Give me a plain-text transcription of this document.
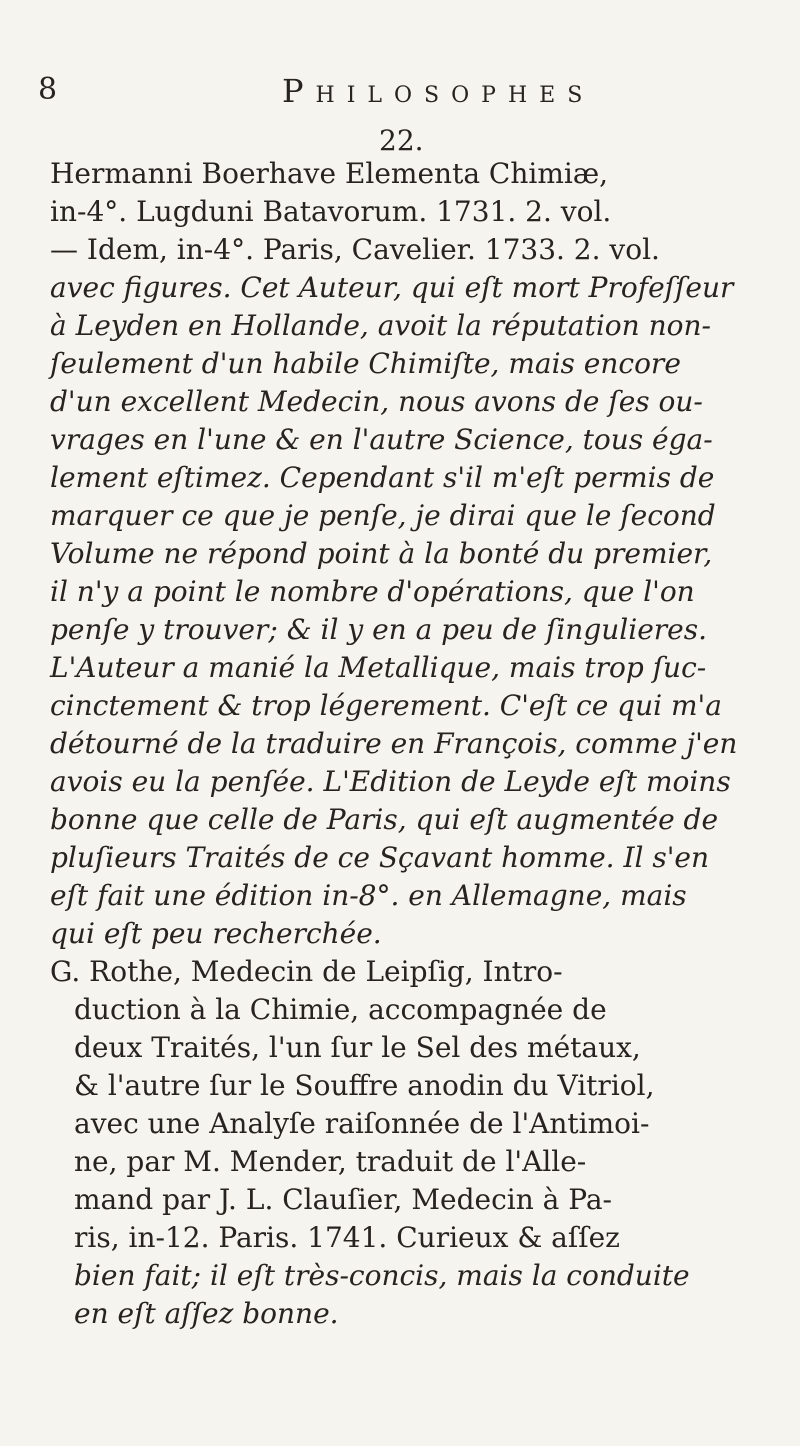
8	Philosophes
22.

Hermanni Boerhave Elementa Chimiæ,
in-4°. Lugduni Batavorum. 1731. 2. vol.
— Idem, in-4°. Paris, Cavelier. 1733. 2. vol.
avec figures. Cet Auteur, qui eſt mort Profeſſeur
à Leyden en Hollande, avoit la réputation non-
ſeulement d'un habile Chimiſte, mais encore
d'un excellent Medecin, nous avons de ſes ou-
vrages en l'une & en l'autre Science, tous éga-
lement eſtimez. Cependant s'il m'eſt permis de
marquer ce que je penſe, je dirai que le ſecond
Volume ne répond point à la bonté du premier,
il n'y a point le nombre d'opérations, que l'on
penſe y trouver; & il y en a peu de ſingulieres.
L'Auteur a manié la Metallique, mais trop ſuc-
cinctement & trop légerement. C'eſt ce qui m'a
détourné de la traduire en François, comme j'en
avois eu la penſée. L'Edition de Leyde eſt moins
bonne que celle de Paris, qui eſt augmentée de
pluſieurs Traités de ce Sçavant homme. Il s'en
eſt fait une édition in-8°. en Allemagne, mais
qui eſt peu recherchée.

G. Rothe, Medecin de Leipſig, Intro-
duction à la Chimie, accompagnée de
deux Traités, l'un ſur le Sel des métaux,
& l'autre ſur le Souffre anodin du Vitriol,
avec une Analyſe raiſonnée de l'Antimoi-
ne, par M. Mender, traduit de l'Alle-
mand par J. L. Clauſier, Medecin à Pa-
ris, in-12. Paris. 1741. Curieux & aſſez
bien fait; il eſt très-concis, mais la conduite
en eſt aſſez bonne.
